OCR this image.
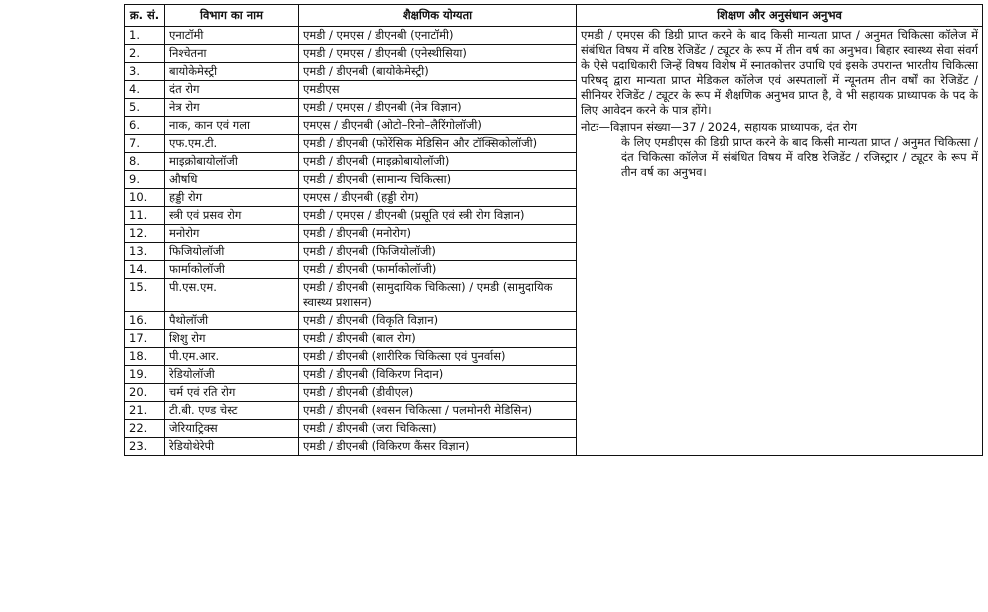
क्र. सं.	विभाग का नाम	शैक्षणिक योग्यता	शिक्षण और अनुसंधान अनुभव
1.	एनाटॉमी	एमडी / एमएस / डीएनबी (एनाटॉमी)	एमडी / एमएस की डिग्री प्राप्त करने के बाद किसी मान्यता प्राप्त / अनुमत चिकित्सा कॉलेज में संबंधित विषय में वरिष्ठ रेजिडेंट / ट्यूटर के रूप में तीन वर्ष का अनुभव। बिहार स्वास्थ्य सेवा संवर्ग के ऐसे पदाधिकारी जिन्हें विषय विशेष में स्नातकोत्तर उपाधि एवं इसके उपरान्त भारतीय चिकित्सा परिषद् द्वारा मान्यता प्राप्त मेडिकल कॉलेज एवं अस्पतालों में न्यूनतम तीन वर्षों का रेजिडेंट / सीनियर रेजिडेंट / ट्यूटर के रूप में शैक्षणिक अनुभव प्राप्त है, वे भी सहायक प्राध्यापक के पद के लिए आवेदन करने के पात्र होंगे।
नोटः—विज्ञापन संख्या—37 / 2024, सहायक प्राध्यापक, दंत रोग
के लिए एमडीएस की डिग्री प्राप्त करने के बाद किसी मान्यता प्राप्त / अनुमत चिकित्सा / दंत चिकित्सा कॉलेज में संबंधित विषय में वरिष्ठ रेजिडेंट / रजिस्ट्रार / ट्यूटर के रूप में तीन वर्ष का अनुभव।

2.	निश्चेतना	एमडी / एमएस / डीएनबी (एनेस्थीसिया)	
3.	बायोकेमेस्ट्री	एमडी / डीएनबी (बायोकेमेस्ट्री)	
4.	दंत रोग	एमडीएस	
5.	नेत्र रोग	एमडी / एमएस / डीएनबी (नेत्र विज्ञान)	
6.	नाक, कान एवं गला	एमएस / डीएनबी (ओटो–रिनो–लैरिंगोलॉजी)	
7.	एफ.एम.टी.	एमडी / डीएनबी (फोरेंसिक मेडिसिन और टॉक्सिकोलॉजी)	
8.	माइक्रोबायोलॉजी	एमडी / डीएनबी (माइक्रोबायोलॉजी)	
9.	औषधि	एमडी / डीएनबी (सामान्य चिकित्सा)	
10.	हड्डी रोग	एमएस / डीएनबी (हड्डी रोग)	
11.	स्त्री एवं प्रसव रोग	एमडी / एमएस / डीएनबी (प्रसूति एवं स्त्री रोग विज्ञान)	
12.	मनोरोग	एमडी / डीएनबी (मनोरोग)	
13.	फिजियोलॉजी	एमडी / डीएनबी (फिजियोलॉजी)	
14.	फार्माकोलॉजी	एमडी / डीएनबी (फार्माकोलॉजी)	
15.	पी.एस.एम.	एमडी / डीएनबी (सामुदायिक चिकित्सा) / एमडी (सामुदायिक स्वास्थ्य प्रशासन)	
16.	पैथोलॉजी	एमडी / डीएनबी (विकृति विज्ञान)	
17.	शिशु रोग	एमडी / डीएनबी (बाल रोग)	
18.	पी.एम.आर.	एमडी / डीएनबी (शारीरिक चिकित्सा एवं पुनर्वास)	
19.	रेडियोलॉजी	एमडी / डीएनबी (विकिरण निदान)	
20.	चर्म एवं रति रोग	एमडी / डीएनबी (डीवीएल)	
21.	टी.बी. एण्ड चेस्ट	एमडी / डीएनबी (श्वसन चिकित्सा / पलमोनरी मेडिसिन)	
22.	जेरियाट्रिक्स	एमडी / डीएनबी (जरा चिकित्सा)	
23.	रेडियोथेरेपी	एमडी / डीएनबी (विकिरण कैंसर विज्ञान)	
